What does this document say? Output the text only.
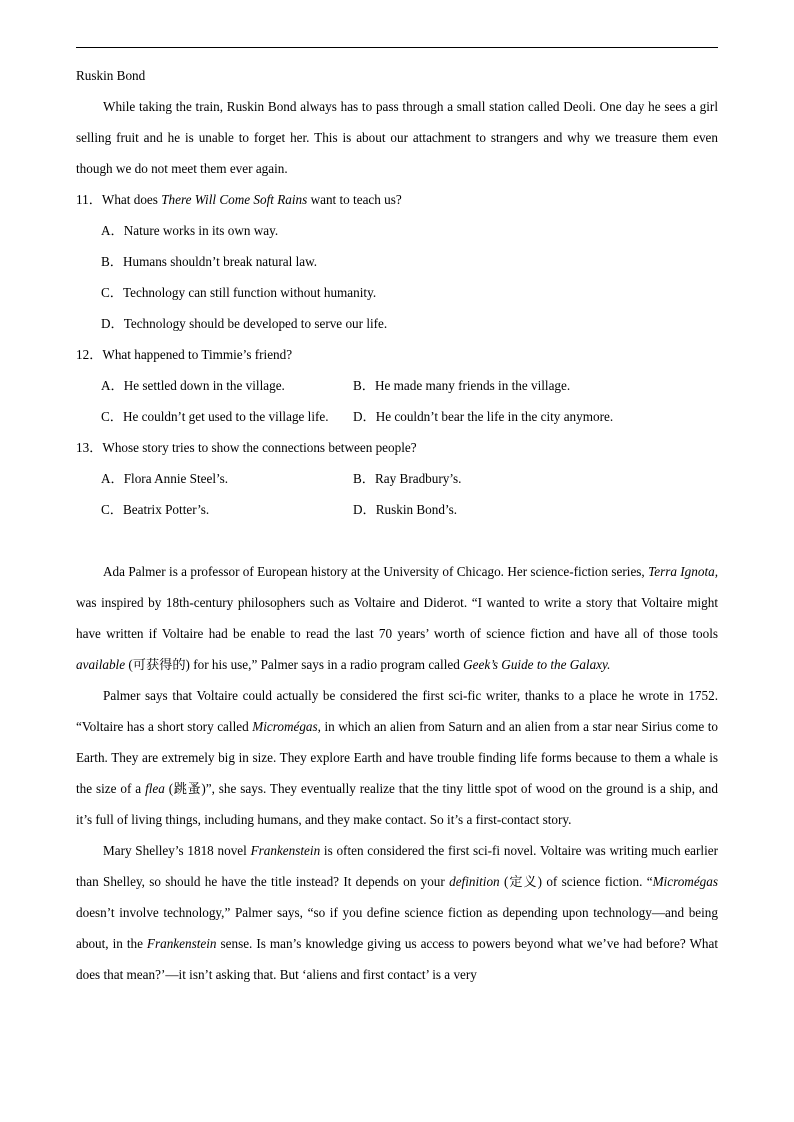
Ruskin Bond
While taking the train, Ruskin Bond always has to pass through a small station called Deoli. One day he sees a girl selling fruit and he is unable to forget her. This is about our attachment to strangers and why we treasure them even though we do not meet them ever again.
11．What does There Will Come Soft Rains want to teach us?
A．Nature works in its own way.
B．Humans shouldn’t break natural law.
C．Technology can still function without humanity.
D．Technology should be developed to serve our life.
12．What happened to Timmie’s friend?
A．He settled down in the village.	B．He made many friends in the village.
C．He couldn’t get used to the village life. D．He couldn’t bear the life in the city anymore.
13．Whose story tries to show the connections between people?
A．Flora Annie Steel’s.	B．Ray Bradbury’s.
C．Beatrix Potter’s.	D．Ruskin Bond’s.
Ada Palmer is a professor of European history at the University of Chicago. Her science-fiction series, Terra Ignota, was inspired by 18th-century philosophers such as Voltaire and Diderot. “I wanted to write a story that Voltaire might have written if Voltaire had be enable to read the last 70 years’ worth of science fiction and have all of those tools available (可获得的) for his use,” Palmer says in a radio program called Geek’s Guide to the Galaxy.
Palmer says that Voltaire could actually be considered the first sci-fic writer, thanks to a place he wrote in 1752. “Voltaire has a short story called Micromégas, in which an alien from Saturn and an alien from a star near Sirius come to Earth. They are extremely big in size. They explore Earth and have trouble finding life forms because to them a whale is the size of a flea (跳蚤)”, she says. They eventually realize that the tiny little spot of wood on the ground is a ship, and it’s full of living things, including humans, and they make contact. So it’s a first-contact story.
Mary Shelley’s 1818 novel Frankenstein is often considered the first sci-fi novel. Voltaire was writing much earlier than Shelley, so should he have the title instead? It depends on your definition (定义) of science fiction. “Micromégas doesn’t involve technology,” Palmer says, “so if you define science fiction as depending upon technology—and being about, in the Frankenstein sense. Is man’s knowledge giving us access to powers beyond what we’ve had before? What does that mean?’—it isn’t asking that. But ‘aliens and first contact’ is a very
